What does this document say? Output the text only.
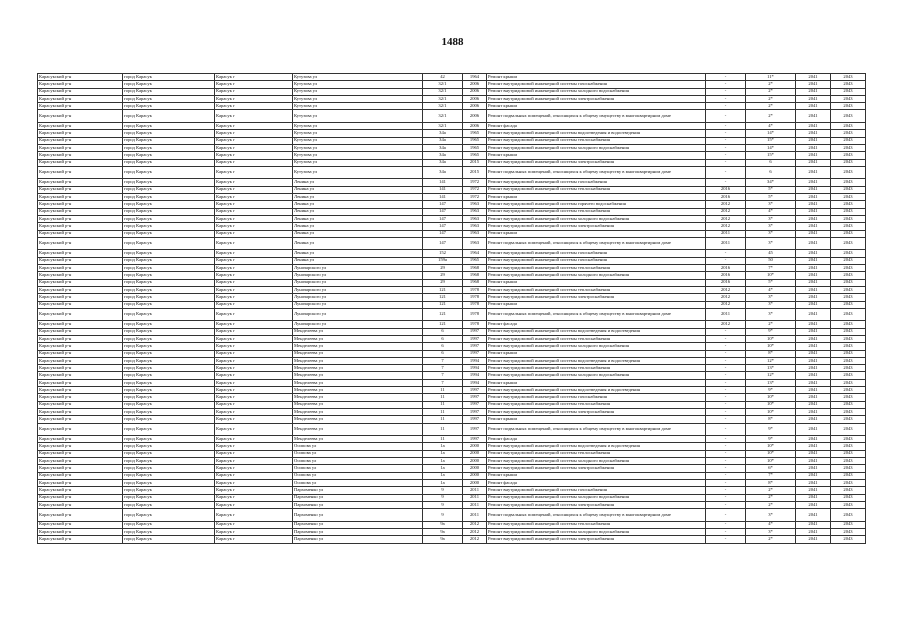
1488
Карасукский р-н	город Карасук	Карасук г	Кутузова ул	42	1964	Ремонт крыши	-	11*	2041	2043
Карасукский р-н	город Карасук	Карасук г	Кутузова ул	32/1	2006	Ремонт внутридомовой инженерной системы газоснабжения	-	2*	2041	2043
Карасукский р-н	город Карасук	Карасук г	Кутузова ул	32/1	2006	Ремонт внутридомовой инженерной системы холодного водоснабжения	-	2*	2041	2043
Карасукский р-н	город Карасук	Карасук г	Кутузова ул	32/1	2006	Ремонт внутридомовой инженерной системы электроснабжения	-	2*	2041	2043
Карасукский р-н	город Карасук	Карасук г	Кутузова ул	32/1	2006	Ремонт крыши	-	2*	2041	2043
Карасукский р-н	город Карасук	Карасук г	Кутузова ул	32/1	2006	Ремонт подвальных помещений, относящихся к общему имуществу в многоквартирном доме	-	2*	2041	2043
Карасукский р-н	город Карасук	Карасук г	Кутузова ул	32/1	2006	Ремонт фасада	-	4*	2041	2043
Карасукский р-н	город Карасук	Карасук г	Кутузова ул	34а	1965	Ремонт внутридомовой инженерной системы водоотведения и водоотведения	-	14*	2041	2043
Карасукский р-н	город Карасук	Карасук г	Кутузова ул	34а	1965	Ремонт внутридомовой инженерной системы теплоснабжения	-	15*	2041	2043
Карасукский р-н	город Карасук	Карасук г	Кутузова ул	34а	1965	Ремонт внутридомовой инженерной системы холодного водоснабжения	-	14*	2041	2043
Карасукский р-н	город Карасук	Карасук г	Кутузова ул	34а	1965	Ремонт крыши	-	15*	2041	2043
Карасукский р-н	город Карасук	Карасук г	Кутузова ул	34а	2015	Ремонт внутридомовой инженерной системы электроснабжения	-	6	2041	2043
Карасукский р-н	город Карасук	Карасук г	Кутузова ул	34а	2015	Ремонт подвальных помещений, относящихся к общему имуществу в многоквартирном доме	-	6	2041	2043
Карасукский р-н	город Карасук	Карасук г	Ленина ул	141	1972	Ремонт внутридомовой инженерной системы газоснабжения	-	34*	2041	2043
Карасукский р-н	город Карасук	Карасук г	Ленина ул	141	1972	Ремонт внутридомовой инженерной системы теплоснабжения	2016	5*	2041	2043
Карасукский р-н	город Карасук	Карасук г	Ленина ул	141	1972	Ремонт крыши	2016	5*	2041	2043
Карасукский р-н	город Карасук	Карасук г	Ленина ул	147	1963	Ремонт внутридомовой инженерной системы горячего водоснабжения	2012	3*	2041	2043
Карасукский р-н	город Карасук	Карасук г	Ленина ул	147	1963	Ремонт внутридомовой инженерной системы теплоснабжения	2012	4*	2041	2043
Карасукский р-н	город Карасук	Карасук г	Ленина ул	147	1963	Ремонт внутридомовой инженерной системы холодного водоснабжения	2012	3*	2041	2043
Карасукский р-н	город Карасук	Карасук г	Ленина ул	147	1963	Ремонт внутридомовой инженерной системы электроснабжения	2012	3*	2041	2043
Карасукский р-н	город Карасук	Карасук г	Ленина ул	147	1963	Ремонт крыши	2011	3*	2041	2043
Карасукский р-н	город Карасук	Карасук г	Ленина ул	147	1963	Ремонт подвальных помещений, относящихся к общему имуществу в многоквартирном доме	2011	3*	2041	2043
Карасукский р-н	город Карасук	Карасук г	Ленина ул	152	1964	Ремонт внутридомовой инженерной системы газоснабжения	-	45	2041	2043
Карасукский р-н	город Карасук	Карасук г	Ленина ул	159а	1965	Ремонт внутридомовой инженерной системы газоснабжения	-	50	2041	2043
Карасукский р-н	город Карасук	Карасук г	Луначарского ул	29	1968	Ремонт внутридомовой инженерной системы теплоснабжения	2016	7*	2041	2043
Карасукский р-н	город Карасук	Карасук г	Луначарского ул	29	1968	Ремонт внутридомовой инженерной системы холодного водоснабжения	2016	10*	2041	2043
Карасукский р-н	город Карасук	Карасук г	Луначарского ул	29	1968	Ремонт крыши	2016	5*	2041	2043
Карасукский р-н	город Карасук	Карасук г	Луначарского ул	121	1978	Ремонт внутридомовой инженерной системы теплоснабжения	2012	4*	2041	2043
Карасукский р-н	город Карасук	Карасук г	Луначарского ул	121	1978	Ремонт внутридомовой инженерной системы электроснабжения	2012	3*	2041	2043
Карасукский р-н	город Карасук	Карасук г	Луначарского ул	121	1978	Ремонт крыши	2012	3*	2041	2043
Карасукский р-н	город Карасук	Карасук г	Луначарского ул	121	1978	Ремонт подвальных помещений, относящихся к общему имуществу в многоквартирном доме	2011	3*	2041	2043
Карасукский р-н	город Карасук	Карасук г	Луначарского ул	121	1978	Ремонт фасада	2012	2*	2041	2043
Карасукский р-н	город Карасук	Карасук г	Менделеева ул	6	1997	Ремонт внутридомовой инженерной системы водоотведения и водоотведения	-	9*	2041	2043
Карасукский р-н	город Карасук	Карасук г	Менделеева ул	6	1997	Ремонт внутридомовой инженерной системы теплоснабжения	-	10*	2041	2043
Карасукский р-н	город Карасук	Карасук г	Менделеева ул	6	1997	Ремонт внутридомовой инженерной системы холодного водоснабжения	-	10*	2041	2043
Карасукский р-н	город Карасук	Карасук г	Менделеева ул	6	1997	Ремонт крыши	-	8*	2041	2043
Карасукский р-н	город Карасук	Карасук г	Менделеева ул	7	1994	Ремонт внутридомовой инженерной системы водоотведения и водоотведения	-	12*	2041	2043
Карасукский р-н	город Карасук	Карасук г	Менделеева ул	7	1994	Ремонт внутридомовой инженерной системы теплоснабжения	-	13*	2041	2043
Карасукский р-н	город Карасук	Карасук г	Менделеева ул	7	1994	Ремонт внутридомовой инженерной системы холодного водоснабжения	-	12*	2041	2043
Карасукский р-н	город Карасук	Карасук г	Менделеева ул	7	1994	Ремонт крыши	-	13*	2041	2043
Карасукский р-н	город Карасук	Карасук г	Менделеева ул	11	1997	Ремонт внутридомовой инженерной системы водоотведения и водоотведения	-	9*	2041	2043
Карасукский р-н	город Карасук	Карасук г	Менделеева ул	11	1997	Ремонт внутридомовой инженерной системы газоснабжения	-	10*	2041	2043
Карасукский р-н	город Карасук	Карасук г	Менделеева ул	11	1997	Ремонт внутридомовой инженерной системы теплоснабжения	-	10*	2041	2043
Карасукский р-н	город Карасук	Карасук г	Менделеева ул	11	1997	Ремонт внутридомовой инженерной системы электроснабжения	-	10*	2041	2043
Карасукский р-н	город Карасук	Карасук г	Менделеева ул	11	1997	Ремонт крыши	-	8*	2041	2043
Карасукский р-н	город Карасук	Карасук г	Менделеева ул	11	1997	Ремонт подвальных помещений, относящихся к общему имуществу в многоквартирном доме	-	9*	2041	2043
Карасукский р-н	город Карасук	Карасук г	Менделеева ул	11	1997	Ремонт фасада	-	9*	2041	2043
Карасукский р-н	город Карасук	Карасук г	Осипова ул	1а	2000	Ремонт внутридомовой инженерной системы водоотведения и водоотведения	-	10*	2041	2043
Карасукский р-н	город Карасук	Карасук г	Осипова ул	1а	2000	Ремонт внутридомовой инженерной системы теплоснабжения	-	10*	2041	2043
Карасукский р-н	город Карасук	Карасук г	Осипова ул	1а	2000	Ремонт внутридомовой инженерной системы холодного водоснабжения	-	10*	2041	2043
Карасукский р-н	город Карасук	Карасук г	Осипова ул	1а	2000	Ремонт внутридомовой инженерной системы электроснабжения	-	6*	2041	2043
Карасукский р-н	город Карасук	Карасук г	Осипова ул	1а	2000	Ремонт крыши	-	7*	2041	2043
Карасукский р-н	город Карасук	Карасук г	Осипова ул	1а	2000	Ремонт фасада	-	8*	2041	2043
Карасукский р-н	город Карасук	Карасук г	Пархоменко ул	9	2011	Ремонт внутридомовой инженерной системы газоснабжения	-	2*	2041	2043
Карасукский р-н	город Карасук	Карасук г	Пархоменко ул	9	2011	Ремонт внутридомовой инженерной системы холодного водоснабжения	-	2*	2041	2043
Карасукский р-н	город Карасук	Карасук г	Пархоменко ул	9	2011	Ремонт внутридомовой инженерной системы электроснабжения	-	2*	2041	2043
Карасукский р-н	город Карасук	Карасук г	Пархоменко ул	9	2011	Ремонт подвальных помещений, относящихся к общему имуществу в многоквартирном доме	-	3*	2041	2043
Карасукский р-н	город Карасук	Карасук г	Пархоменко ул	9а	2012	Ремонт внутридомовой инженерной системы теплоснабжения	-	4*	2041	2043
Карасукский р-н	город Карасук	Карасук г	Пархоменко ул	9а	2012	Ремонт внутридомовой инженерной системы холодного водоснабжения	-	3*	2041	2043
Карасукский р-н	город Карасук	Карасук г	Пархоменко ул	9а	2012	Ремонт внутридомовой инженерной системы электроснабжения	-	2*	2041	2043
